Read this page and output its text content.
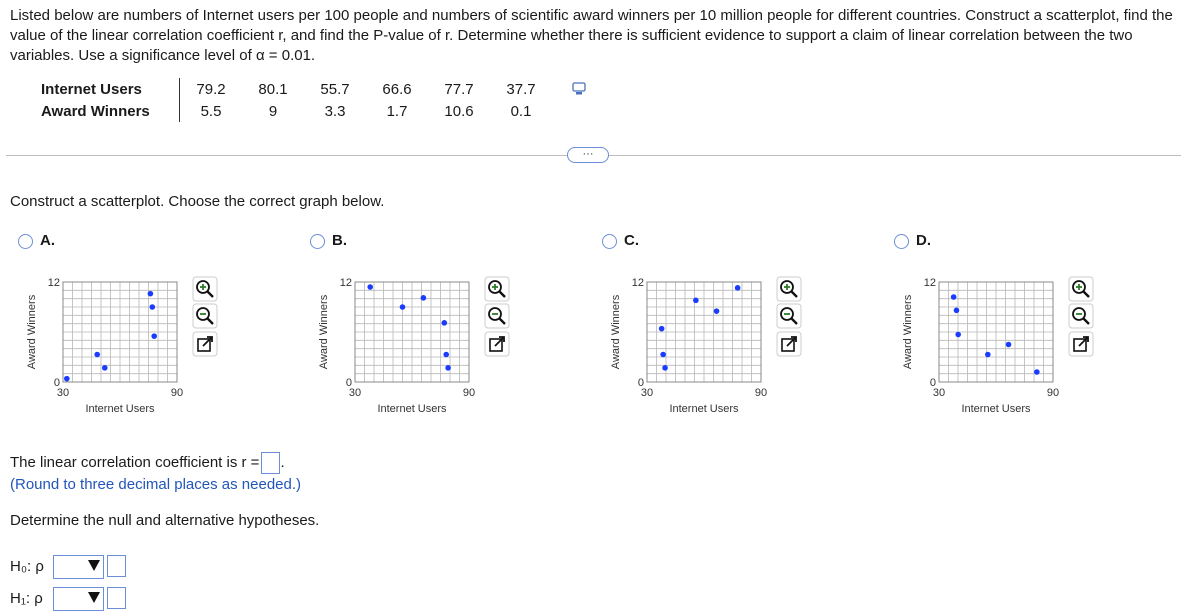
Listed below are numbers of Internet users per 100 people and numbers of scientific award winners per 10 million people for different countries. Construct a scatterplot, find the value of the linear correlation coefficient r, and find the P-value of r. Determine whether there is sufficient evidence to support a claim of linear correlation between the two variables. Use a significance level of α = 0.01.
Internet Users	79.2	80.1	55.7	66.6	77.7	37.7
Award Winners	5.5	9	3.3	1.7	10.6	0.1
···
Construct a scatterplot. Choose the correct graph below.
A.
12
0
30	90
Internet Users
Award Winners
B.
12
0
30	90
Internet Users
Award Winners
C.
12
0
30	90
Internet Users
Award Winners
D.
12
0
30	90
Internet Users
Award Winners
The linear correlation coefficient is r = .
(Round to three decimal places as needed.)
Determine the null and alternative hypotheses.
H₀: ρ
H₁: ρ
